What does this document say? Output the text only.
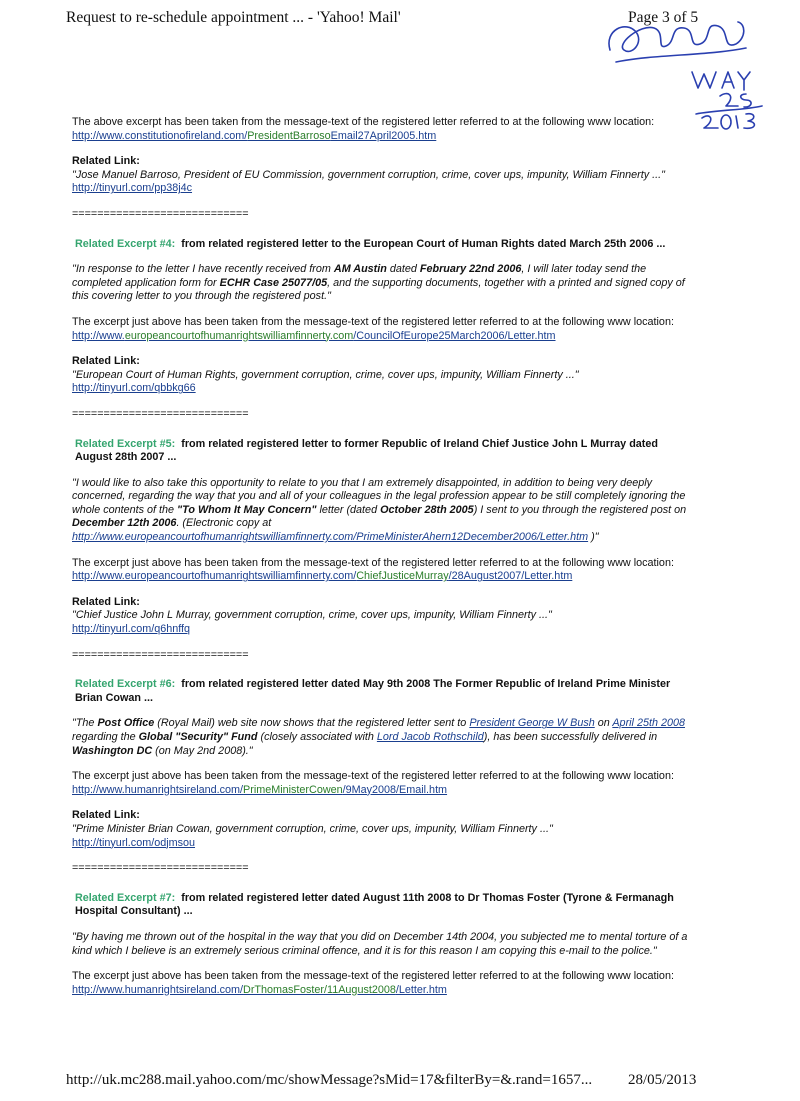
Request to re-schedule appointment ... - 'Yahoo! Mail'	Page 3 of 5

The above excerpt has been taken from the message-text of the registered letter referred to at the following www location:

http://www.constitutionofireland.com/PresidentBarrosoEmail27April2005.htm

Related Link:

"Jose Manuel Barroso, President of EU Commission, government corruption, crime, cover ups, impunity, William Finnerty ..."

http://tinyurl.com/pp38j4c

============================

Related Excerpt #4: from related registered letter to the European Court of Human Rights dated March 25th 2006 ...

"In response to the letter I have recently received from AM Austin dated February 22nd 2006, I will later today send the completed application form for ECHR Case 25077/05, and the supporting documents, together with a printed and signed copy of this covering letter to you through the registered post."

The excerpt just above has been taken from the message-text of the registered letter referred to at the following www location:

http://www.europeancourtofhumanrightswilliamfinnerty.com/CouncilOfEurope25March2006/Letter.htm

Related Link:

"European Court of Human Rights, government corruption, crime, cover ups, impunity, William Finnerty ..."

http://tinyurl.com/qbbkg66

============================

Related Excerpt #5: from related registered letter to former Republic of Ireland Chief Justice John L Murray dated August 28th 2007 ...

"I would like to also take this opportunity to relate to you that I am extremely disappointed, in addition to being very deeply concerned, regarding the way that you and all of your colleagues in the legal profession appear to be still completely ignoring the whole contents of the "To Whom It May Concern" letter (dated October 28th 2005) I sent to you through the registered post on December 12th 2006. (Electronic copy at http://www.europeancourtofhumanrightswilliamfinnerty.com/PrimeMinisterAhern12December2006/Letter.htm )"

The excerpt just above has been taken from the message-text of the registered letter referred to at the following www location:

http://www.europeancourtofhumanrightswilliamfinnerty.com/ChiefJusticeMurray/28August2007/Letter.htm

Related Link:

"Chief Justice John L Murray, government corruption, crime, cover ups, impunity, William Finnerty ..."

http://tinyurl.com/q6hnffq

============================

Related Excerpt #6: from related registered letter dated May 9th 2008 The Former Republic of Ireland Prime Minister Brian Cowan ...

"The Post Office (Royal Mail) web site now shows that the registered letter sent to President George W Bush on April 25th 2008 regarding the Global "Security" Fund (closely associated with Lord Jacob Rothschild), has been successfully delivered in Washington DC (on May 2nd 2008)."

The excerpt just above has been taken from the message-text of the registered letter referred to at the following www location:

http://www.humanrightsireland.com/PrimeMinisterCowen/9May2008/Email.htm

Related Link:

"Prime Minister Brian Cowan, government corruption, crime, cover ups, impunity, William Finnerty ..."

http://tinyurl.com/odjmsou

============================

Related Excerpt #7: from related registered letter dated August 11th 2008 to Dr Thomas Foster (Tyrone & Fermanagh Hospital Consultant) ...

"By having me thrown out of the hospital in the way that you did on December 14th 2004, you subjected me to mental torture of a kind which I believe is an extremely serious criminal offence, and it is for this reason I am copying this e-mail to the police."

The excerpt just above has been taken from the message-text of the registered letter referred to at the following www location:

http://www.humanrightsireland.com/DrThomasFoster/11August2008/Letter.htm

http://uk.mc288.mail.yahoo.com/mc/showMessage?sMid=17&filterBy=&.rand=1657... 28/05/2013
